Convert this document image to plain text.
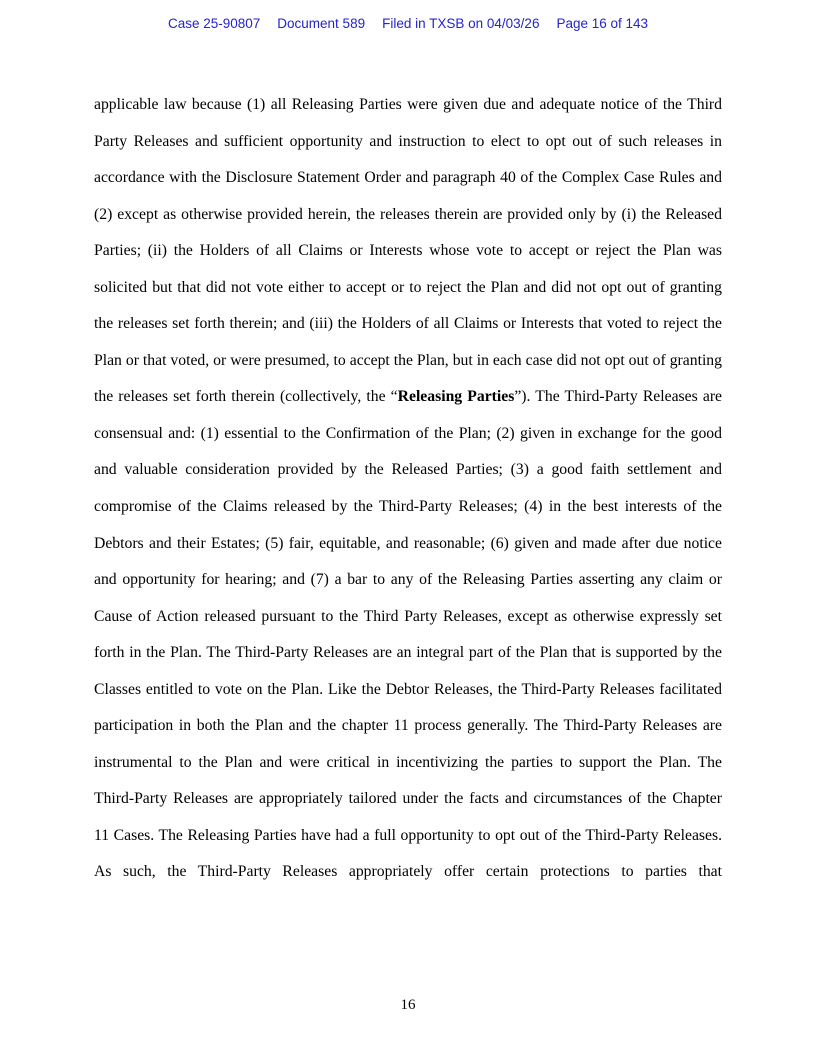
Case 25-90807 Document 589 Filed in TXSB on 04/03/26 Page 16 of 143
applicable law because (1) all Releasing Parties were given due and adequate notice of the Third
Party Releases and sufficient opportunity and instruction to elect to opt out of such releases in
accordance with the Disclosure Statement Order and paragraph 40 of the Complex Case Rules and
(2) except as otherwise provided herein, the releases therein are provided only by (i) the Released
Parties; (ii) the Holders of all Claims or Interests whose vote to accept or reject the Plan was
solicited but that did not vote either to accept or to reject the Plan and did not opt out of granting
the releases set forth therein; and (iii) the Holders of all Claims or Interests that voted to reject the
Plan or that voted, or were presumed, to accept the Plan, but in each case did not opt out of granting
the releases set forth therein (collectively, the “Releasing Parties”). The Third-Party Releases are
consensual and: (1) essential to the Confirmation of the Plan; (2) given in exchange for the good
and valuable consideration provided by the Released Parties; (3) a good faith settlement and
compromise of the Claims released by the Third-Party Releases; (4) in the best interests of the
Debtors and their Estates; (5) fair, equitable, and reasonable; (6) given and made after due notice
and opportunity for hearing; and (7) a bar to any of the Releasing Parties asserting any claim or
Cause of Action released pursuant to the Third Party Releases, except as otherwise expressly set
forth in the Plan. The Third-Party Releases are an integral part of the Plan that is supported by the
Classes entitled to vote on the Plan. Like the Debtor Releases, the Third-Party Releases facilitated
participation in both the Plan and the chapter 11 process generally. The Third-Party Releases are
instrumental to the Plan and were critical in incentivizing the parties to support the Plan. The
Third-Party Releases are appropriately tailored under the facts and circumstances of the Chapter
11 Cases. The Releasing Parties have had a full opportunity to opt out of the Third-Party Releases.
As such, the Third-Party Releases appropriately offer certain protections to parties that
16
